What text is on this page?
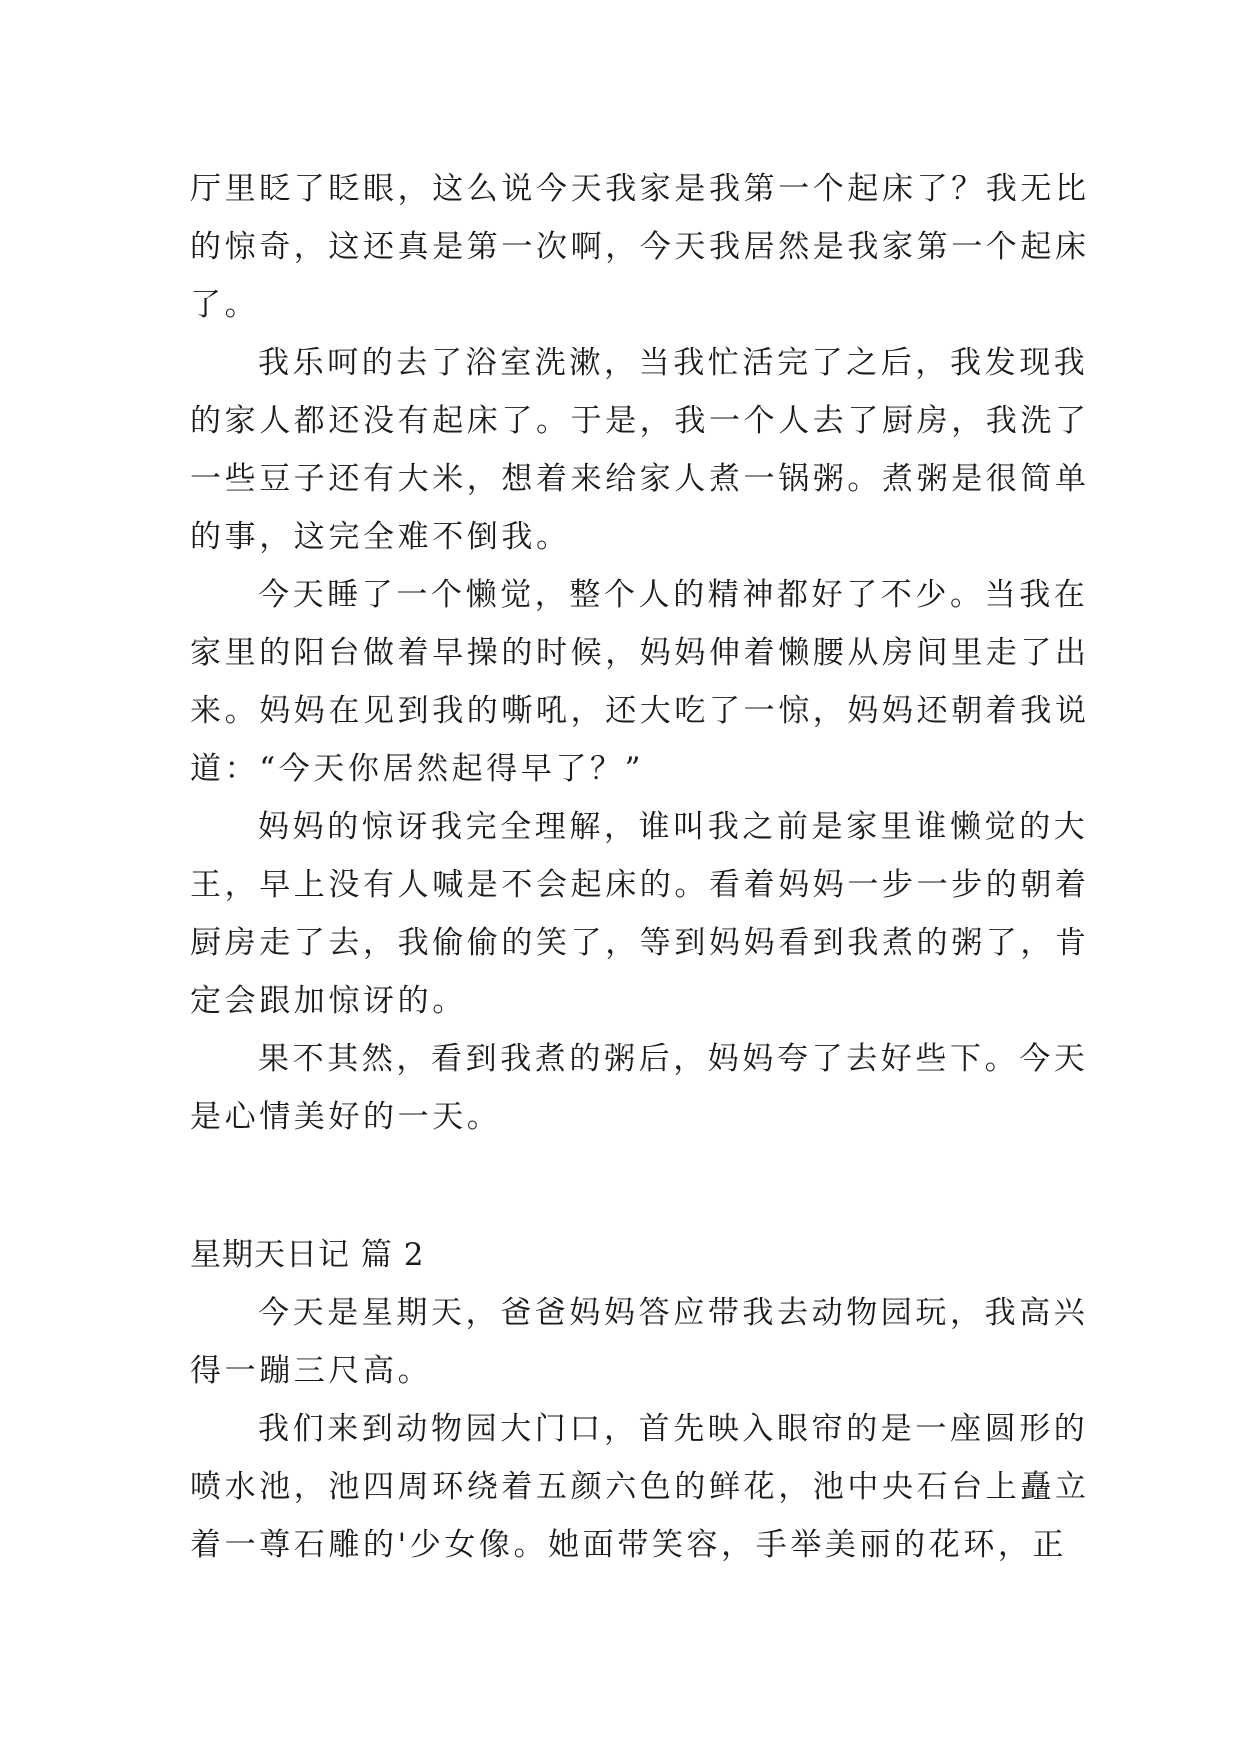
厅里眨了眨眼，这么说今天我家是我第一个起床了？我无比
的惊奇，这还真是第一次啊，今天我居然是我家第一个起床
了。
我乐呵的去了浴室洗漱，当我忙活完了之后，我发现我
的家人都还没有起床了。于是，我一个人去了厨房，我洗了
一些豆子还有大米，想着来给家人煮一锅粥。煮粥是很简单
的事，这完全难不倒我。
今天睡了一个懒觉，整个人的精神都好了不少。当我在
家里的阳台做着早操的时候，妈妈伸着懒腰从房间里走了出
来。妈妈在见到我的嘶吼，还大吃了一惊，妈妈还朝着我说
道：“今天你居然起得早了？”
妈妈的惊讶我完全理解，谁叫我之前是家里谁懒觉的大
王，早上没有人喊是不会起床的。看着妈妈一步一步的朝着
厨房走了去，我偷偷的笑了，等到妈妈看到我煮的粥了，肯
定会跟加惊讶的。
果不其然，看到我煮的粥后，妈妈夸了去好些下。今天
是心情美好的一天。
星期天日记 篇 2
今天是星期天，爸爸妈妈答应带我去动物园玩，我高兴
得一蹦三尺高。
我们来到动物园大门口，首先映入眼帘的是一座圆形的
喷水池，池四周环绕着五颜六色的鲜花，池中央石台上矗立
着一尊石雕的'少女像。她面带笑容，手举美丽的花环，正
